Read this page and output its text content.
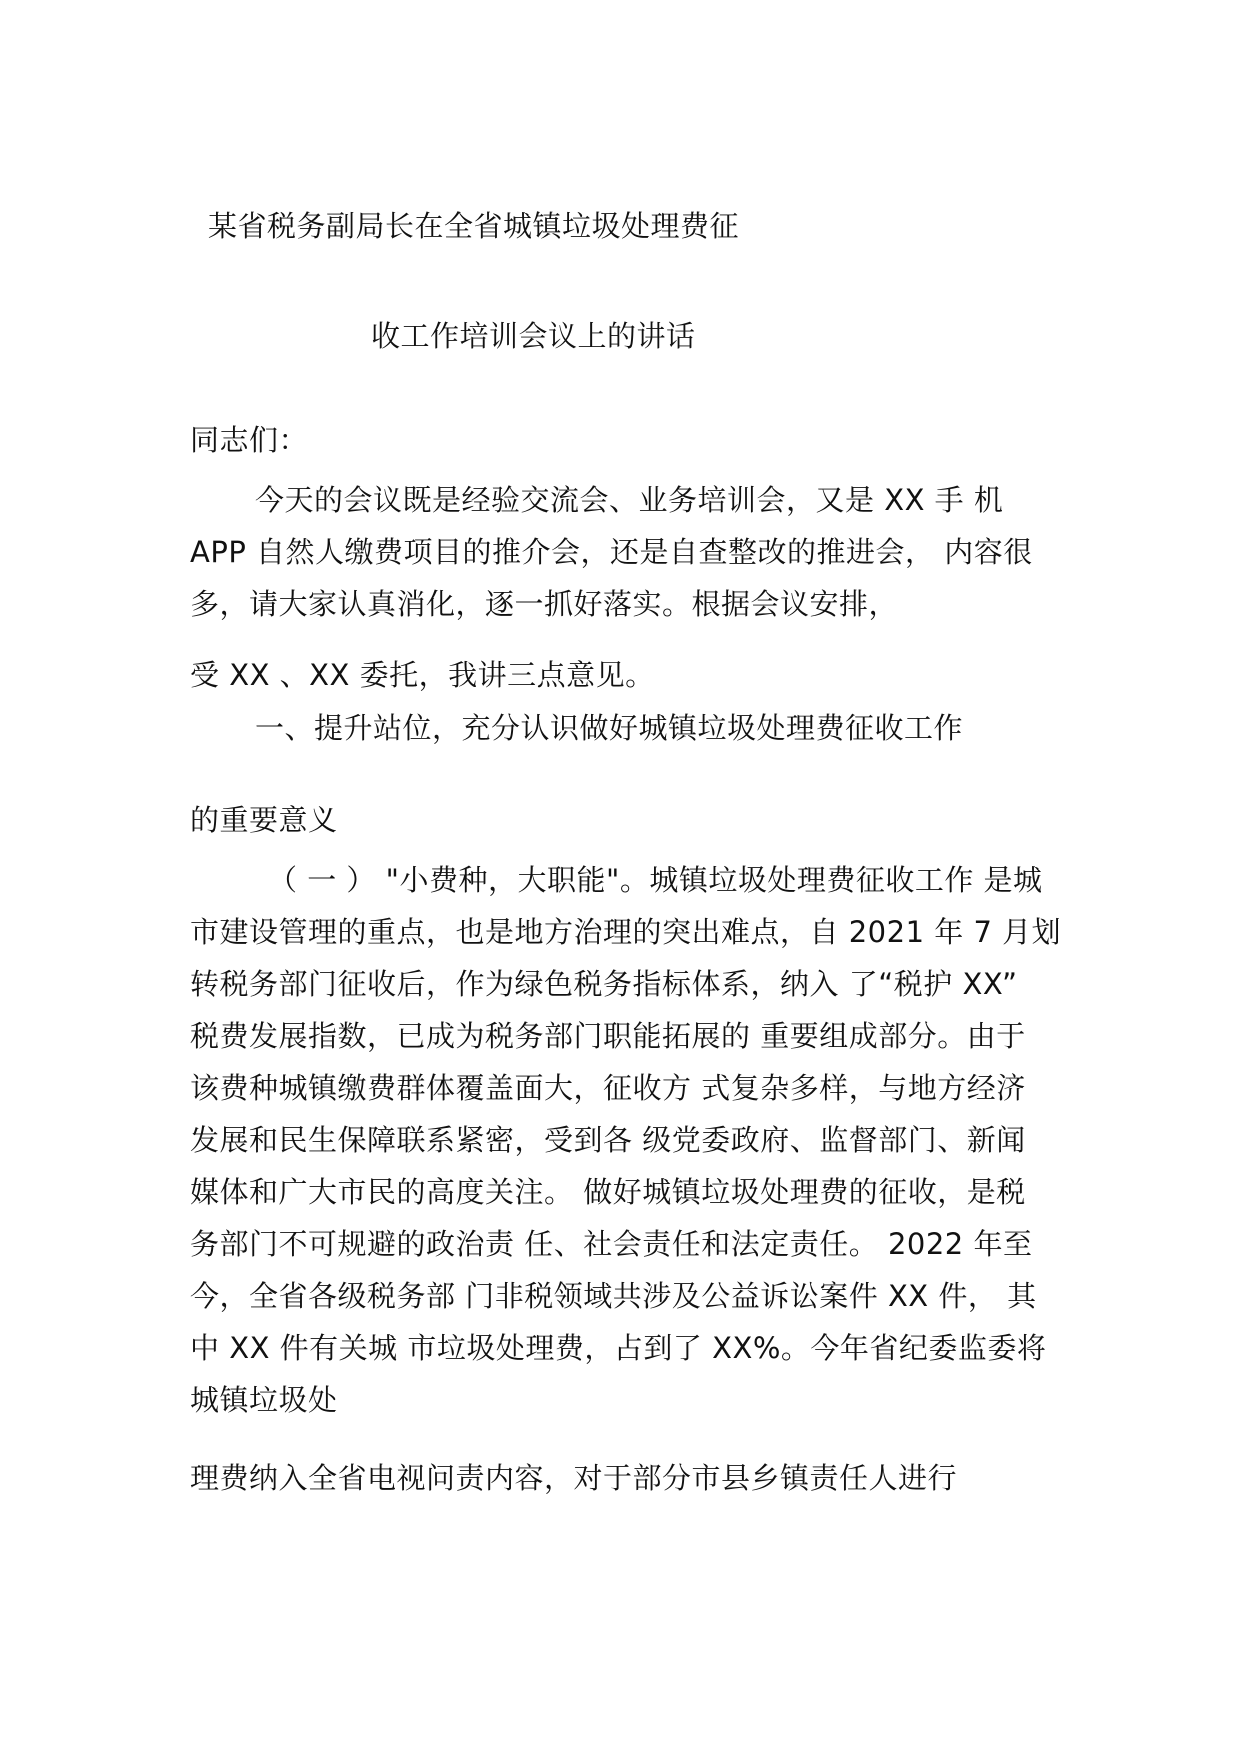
某省税务副局长在全省城镇垃圾处理费征
收工作培训会议上的讲话
同志们：
今天的会议既是经验交流会、业务培训会，又是 XX 手 机
APP 自然人缴费项目的推介会，还是自查整改的推进会， 内容很
多，请大家认真消化，逐一抓好落实。根据会议安排，
受 XX 、XX 委托，我讲三点意见。
一、提升站位，充分认识做好城镇垃圾处理费征收工作
的重要意义
（ 一 ） "小费种，大职能"。城镇垃圾处理费征收工作 是城
市建设管理的重点，也是地方治理的突出难点，自 2021 年 7 月划
转税务部门征收后，作为绿色税务指标体系，纳入 了“税护 XX”
税费发展指数，已成为税务部门职能拓展的 重要组成部分。由于
该费种城镇缴费群体覆盖面大，征收方 式复杂多样，与地方经济
发展和民生保障联系紧密，受到各 级党委政府、监督部门、新闻
媒体和广大市民的高度关注。 做好城镇垃圾处理费的征收，是税
务部门不可规避的政治责 任、社会责任和法定责任。 2022 年至
今，全省各级税务部 门非税领域共涉及公益诉讼案件 XX 件， 其
中 XX 件有关城 市垃圾处理费，占到了 XX%。今年省纪委监委将
城镇垃圾处
理费纳入全省电视问责内容，对于部分市县乡镇责任人进行
